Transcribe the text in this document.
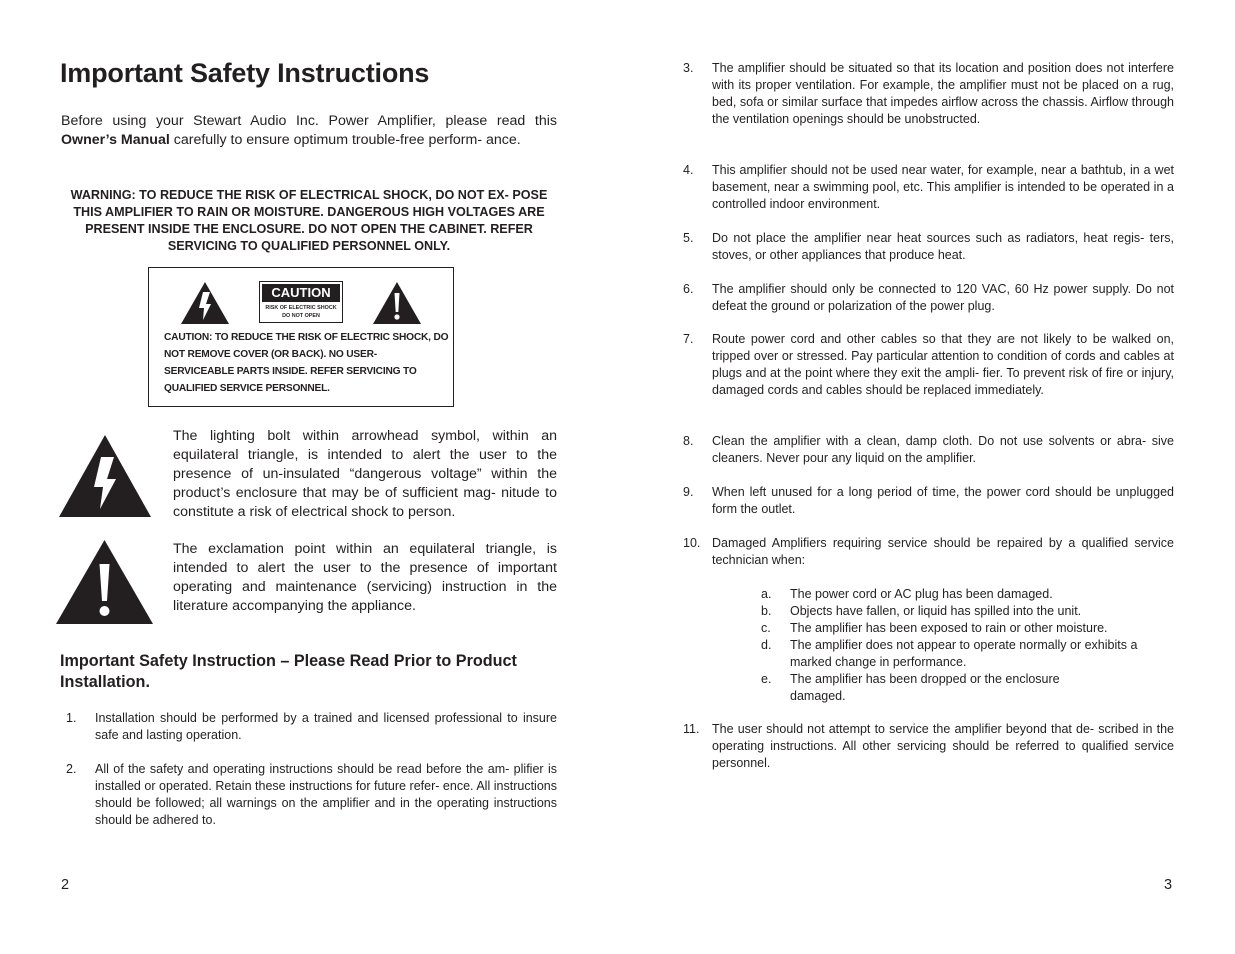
Important Safety Instructions

Before using your Stewart Audio Inc. Power Amplifier, please read this Owner’s Manual carefully to ensure optimum trouble-free perform- ance.

WARNING: TO REDUCE THE RISK OF ELECTRICAL SHOCK, DO NOT EX- POSE THIS AMPLIFIER TO RAIN OR MOISTURE. DANGEROUS HIGH VOLTAGES ARE PRESENT INSIDE THE ENCLOSURE. DO NOT OPEN THE CABINET. REFER SERVICING TO QUALIFIED PERSONNEL ONLY.

CAUTION
RISK OF ELECTRIC SHOCK
DO NOT OPEN

CAUTION: TO REDUCE THE RISK OF ELECTRIC SHOCK, DO NOT REMOVE COVER (OR BACK). NO USER- SERVICEABLE PARTS INSIDE. REFER SERVICING TO QUALIFIED SERVICE PERSONNEL.

The lighting bolt within arrowhead symbol, within an equilateral triangle, is intended to alert the user to the presence of un-insulated “dangerous voltage” within the product’s enclosure that may be of sufficient mag- nitude to constitute a risk of electrical shock to person.

The exclamation point within an equilateral triangle, is intended to alert the user to the presence of important operating and maintenance (servicing) instruction in the literature accompanying the appliance.

Important Safety Instruction – Please Read Prior to Product Installation.
1.	Installation should be performed by a trained and licensed professional to insure safe and lasting operation.
2.	All of the safety and operating instructions should be read before the am- plifier is installed or operated. Retain these instructions for future refer- ence. All instructions should be followed; all warnings on the amplifier and in the operating instructions should be adhered to.
2
3.	The amplifier should be situated so that its location and position does not interfere with its proper ventilation. For example, the amplifier must not be placed on a rug, bed, sofa or similar surface that impedes airflow across the chassis. Airflow through the ventilation openings should be unobstructed.
4.	This amplifier should not be used near water, for example, near a bathtub, in a wet basement, near a swimming pool, etc. This amplifier is intended to be operated in a controlled indoor environment.
5.	Do not place the amplifier near heat sources such as radiators, heat regis- ters, stoves, or other appliances that produce heat.
6.	The amplifier should only be connected to 120 VAC, 60 Hz power supply. Do not defeat the ground or polarization of the power plug.
7.	Route power cord and other cables so that they are not likely to be walked on, tripped over or stressed. Pay particular attention to condition of cords and cables at plugs and at the point where they exit the ampli- fier. To prevent risk of fire or injury, damaged cords and cables should be replaced immediately.
8.	Clean the amplifier with a clean, damp cloth. Do not use solvents or abra- sive cleaners. Never pour any liquid on the amplifier.
9.	When left unused for a long period of time, the power cord should be unplugged form the outlet.
10. Damaged Amplifiers requiring service should be repaired by a qualified service technician when:
a.	The power cord or AC plug has been damaged.
b.	Objects have fallen, or liquid has spilled into the unit.
c.	The amplifier has been exposed to rain or other moisture.
d.	The amplifier does not appear to operate normally or exhibits a marked change in performance.
e.	The amplifier has been dropped or the enclosure damaged.
11.	The user should not attempt to service the amplifier beyond that de- scribed in the operating instructions. All other servicing should be referred to qualified service personnel.
3
